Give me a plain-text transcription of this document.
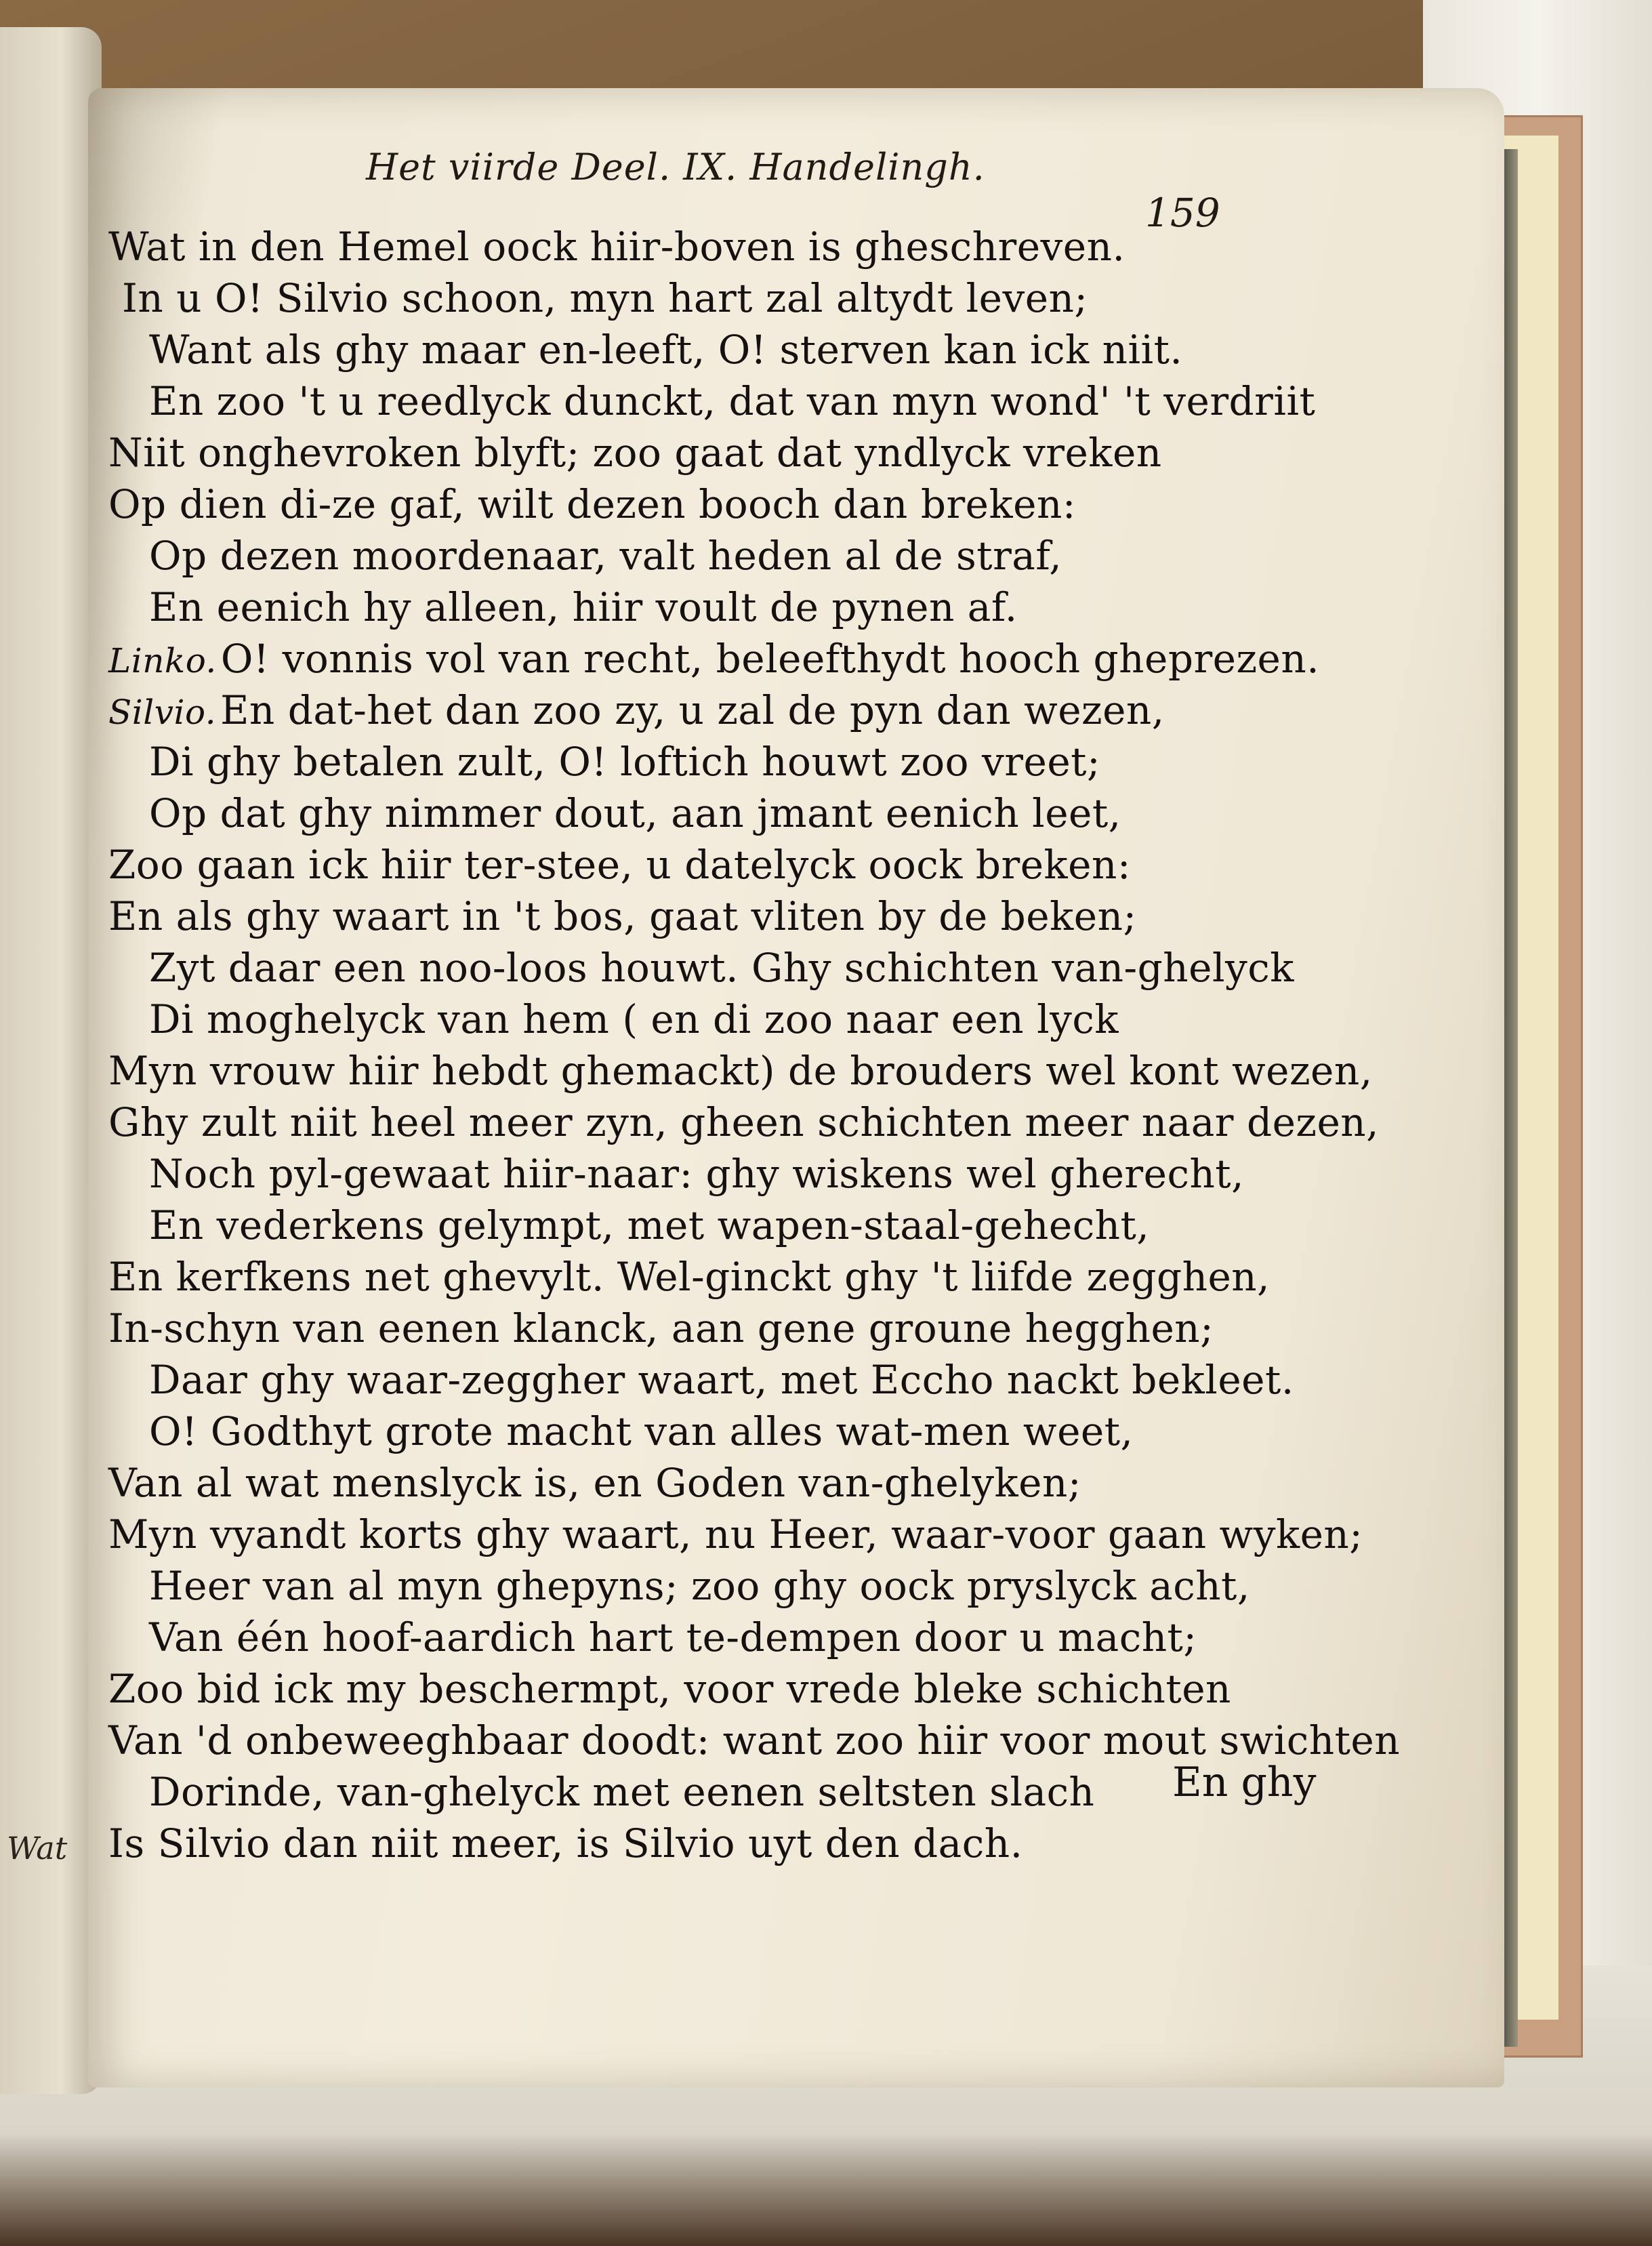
Wat
Het viirde Deel. IX. Handelingh.
159
Wat in den Hemel oock hiir-boven is gheschreven.
In u O! Silvio schoon, myn hart zal altydt leven;
Want als ghy maar en-leeft, O! sterven kan ick niit.
En zoo 't u reedlyck dunckt, dat van myn wond' 't verdriit
Niit onghevroken blyft; zoo gaat dat yndlyck vreken
Op dien di-ze gaf, wilt dezen booch dan breken:
Op dezen moordenaar, valt heden al de straf,
En eenich hy alleen, hiir voult de pynen af.
Linko. O! vonnis vol van recht, beleefthydt hooch gheprezen.
Silvio. En dat-het dan zoo zy, u zal de pyn dan wezen,
Di ghy betalen zult, O! loftich houwt zoo vreet;
Op dat ghy nimmer dout, aan jmant eenich leet,
Zoo gaan ick hiir ter-stee, u datelyck oock breken:
En als ghy waart in 't bos, gaat vliten by de beken;
Zyt daar een noo-loos houwt. Ghy schichten van-ghelyck
Di moghelyck van hem ( en di zoo naar een lyck
Myn vrouw hiir hebdt ghemackt) de brouders wel kont wezen,
Ghy zult niit heel meer zyn, gheen schichten meer naar dezen,
Noch pyl-gewaat hiir-naar: ghy wiskens wel gherecht,
En vederkens gelympt, met wapen-staal-gehecht,
En kerfkens net ghevylt. Wel-ginckt ghy 't liifde zegghen,
In-schyn van eenen klanck, aan gene groune hegghen;
Daar ghy waar-zeggher waart, met Eccho nackt bekleet.
O! Godthyt grote macht van alles wat-men weet,
Van al wat menslyck is, en Goden van-ghelyken;
Myn vyandt korts ghy waart, nu Heer, waar-voor gaan wyken;
Heer van al myn ghepyns; zoo ghy oock pryslyck acht,
Van één hoof-aardich hart te-dempen door u macht;
Zoo bid ick my beschermpt, voor vrede bleke schichten
Van 'd onbeweeghbaar doodt: want zoo hiir voor mout swichten
Dorinde, van-ghelyck met eenen seltsten slach
Is Silvio dan niit meer, is Silvio uyt den dach.
En ghy
